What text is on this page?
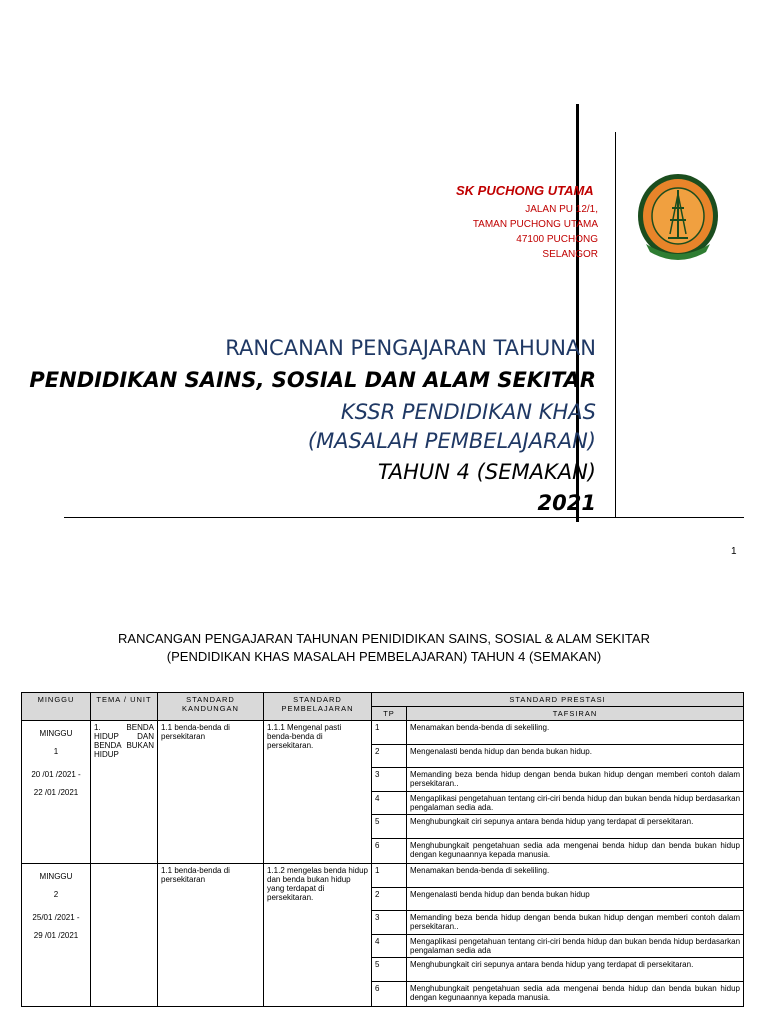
SK PUCHONG UTAMA
JALAN PU 12/1,
TAMAN PUCHONG UTAMA
47100 PUCHONG
SELANGOR
RANCANAN PENGAJARAN TAHUNAN
PENDIDIKAN SAINS, SOSIAL DAN ALAM SEKITAR
KSSR PENDIDIKAN KHAS
(MASALAH PEMBELAJARAN)
TAHUN 4 (SEMAKAN)
2021
1
RANCANGAN PENGAJARAN TAHUNAN PENIDIDIKAN SAINS, SOSIAL & ALAM SEKITAR
(PENDIDIKAN KHAS MASALAH PEMBELAJARAN) TAHUN 4 (SEMAKAN)
MINGGU	TEMA / UNIT	STANDARD KANDUNGAN	STANDARD PEMBELAJARAN	STANDARD PRESTASI	
				TP	TAFSIRAN

MINGGU
1
20 /01 /2021 -
22 /01 /2021	1. BENDA HIDUP DAN BENDA BUKAN HIDUP	1.1 benda-benda di persekitaran	1.1.1 Mengenal pasti benda-benda di persekitaran.	1	Menamakan benda-benda di sekeliling.
				2	Mengenalasti benda hidup dan benda bukan hidup.
				3	Memanding beza benda hidup dengan benda bukan hidup dengan memberi contoh dalam persekitaran..
				4	Mengaplikasi pengetahuan tentang ciri-ciri benda hidup dan bukan benda hidup berdasarkan pengalaman sedia ada.
				5	Menghubungkait ciri sepunya antara benda hidup yang terdapat di persekitaran.
				6	Menghubungkait pengetahuan sedia ada mengenai benda hidup dan benda bukan hidup dengan kegunaannya kepada manusia.

MINGGU
2
25/01 /2021 -
29 /01 /2021		1.1 benda-benda di persekitaran	1.1.2 mengelas benda hidup dan benda bukan hidup yang terdapat di persekitaran.	1	Menamakan benda-benda di sekeliling.
				2	Mengenalasti benda hidup dan benda bukan hidup
				3	Memanding beza benda hidup dengan benda bukan hidup dengan memberi contoh dalam persekitaran..
				4	Mengaplikasi pengetahuan tentang ciri-ciri benda hidup dan bukan benda hidup berdasarkan pengalaman sedia ada
				5	Menghubungkait ciri sepunya antara benda hidup yang terdapat di persekitaran.
				6	Menghubungkait pengetahuan sedia ada mengenai benda hidup dan benda bukan hidup dengan kegunaannya kepada manusia.
